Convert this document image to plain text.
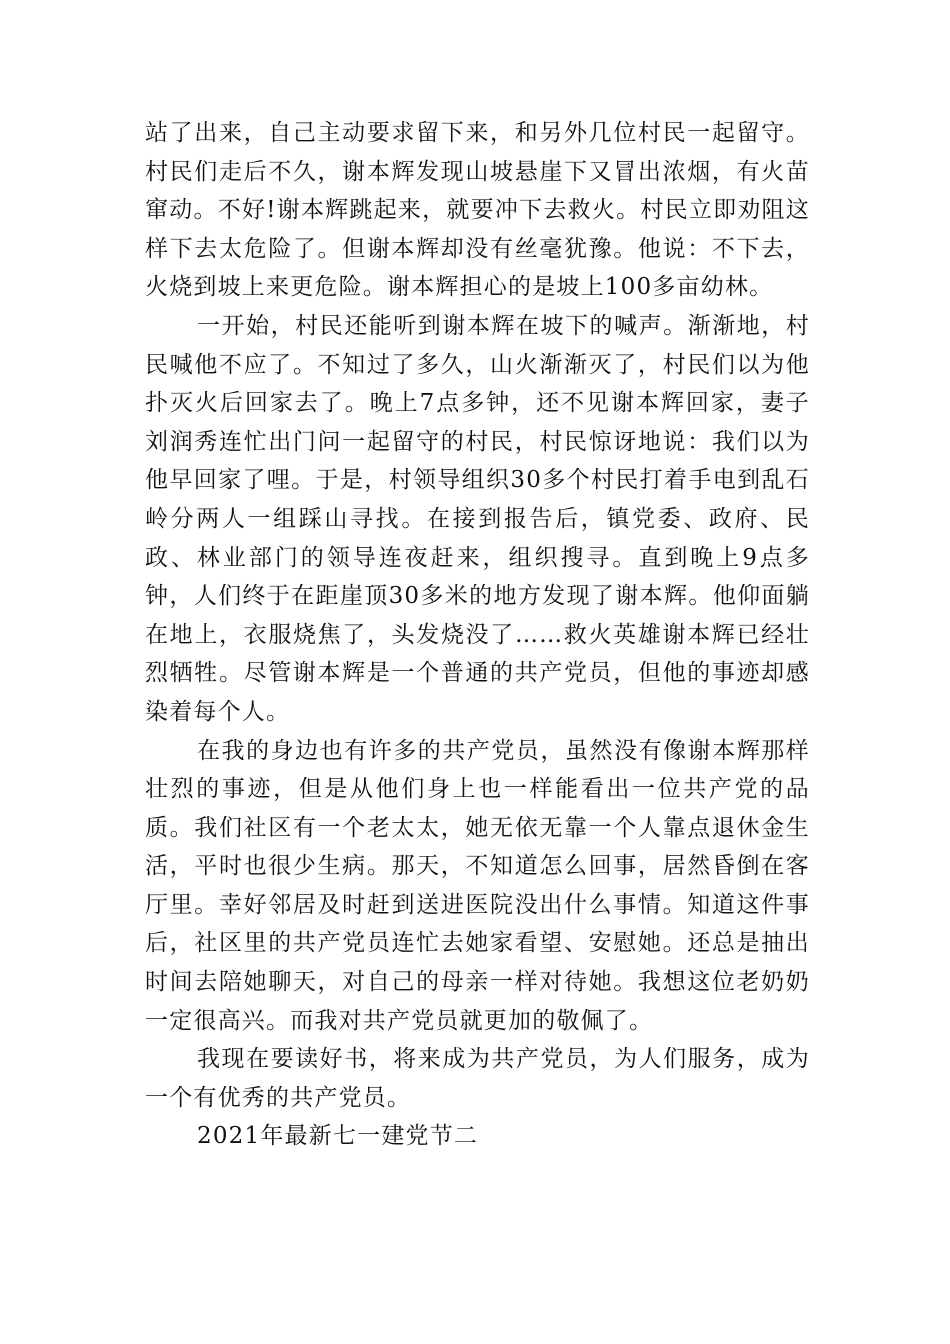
站了出来，自己主动要求留下来，和另外几位村民一起留守。村民们走后不久，谢本辉发现山坡悬崖下又冒出浓烟，有火苗窜动。不好!谢本辉跳起来，就要冲下去救火。村民立即劝阻这样下去太危险了。但谢本辉却没有丝毫犹豫。他说：不下去，火烧到坡上来更危险。谢本辉担心的是坡上100多亩幼林。

一开始，村民还能听到谢本辉在坡下的喊声。渐渐地，村民喊他不应了。不知过了多久，山火渐渐灭了，村民们以为他扑灭火后回家去了。晚上7点多钟，还不见谢本辉回家，妻子刘润秀连忙出门问一起留守的村民，村民惊讶地说：我们以为他早回家了哩。于是，村领导组织30多个村民打着手电到乱石岭分两人一组踩山寻找。在接到报告后，镇党委、政府、民政、林业部门的领导连夜赶来，组织搜寻。直到晚上9点多钟，人们终于在距崖顶30多米的地方发现了谢本辉。他仰面躺在地上，衣服烧焦了，头发烧没了……救火英雄谢本辉已经壮烈牺牲。尽管谢本辉是一个普通的共产党员，但他的事迹却感染着每个人。

在我的身边也有许多的共产党员，虽然没有像谢本辉那样壮烈的事迹，但是从他们身上也一样能看出一位共产党的品质。我们社区有一个老太太，她无依无靠一个人靠点退休金生活，平时也很少生病。那天，不知道怎么回事，居然昏倒在客厅里。幸好邻居及时赶到送进医院没出什么事情。知道这件事后，社区里的共产党员连忙去她家看望、安慰她。还总是抽出时间去陪她聊天，对自己的母亲一样对待她。我想这位老奶奶一定很高兴。而我对共产党员就更加的敬佩了。

我现在要读好书，将来成为共产党员，为人们服务，成为一个有优秀的共产党员。

2021年最新七一建党节二
